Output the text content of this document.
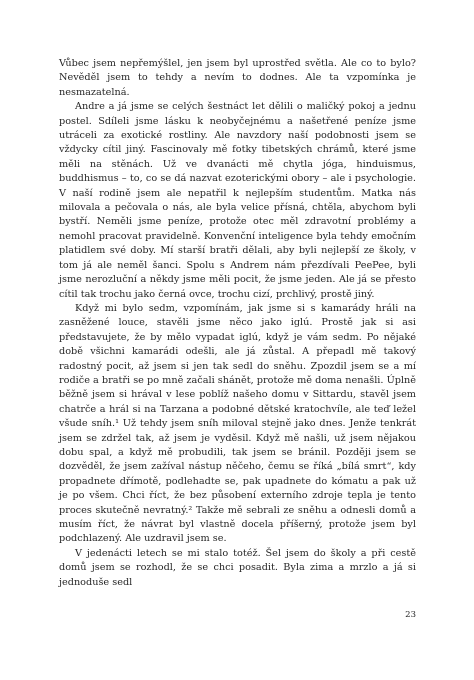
Vůbec jsem nepřemýšlel, jen jsem byl uprostřed světla. Ale co to bylo? Nevěděl jsem to tehdy a nevím to dodnes. Ale ta vzpomínka je nesmazatelná.

Andre a já jsme se celých šestnáct let dělili o maličký pokoj a jednu postel. Sdíleli jsme lásku k neobyčejnému a našetřené peníze jsme utráceli za exotické rostliny. Ale navzdory naší podobnosti jsem se vždycky cítil jiný. Fascinovaly mě fotky tibetských chrámů, které jsme měli na stěnách. Už ve dvanácti mě chytla jóga, hinduismus, buddhismus – to, co se dá nazvat ezoterickými obory – ale i psychologie. V naší rodině jsem ale nepatřil k nejlepším studentům. Matka nás milovala a pečovala o nás, ale byla velice přísná, chtěla, abychom byli bystří. Neměli jsme peníze, protože otec měl zdravotní problémy a nemohl pracovat pravidelně. Konvenční inteligence byla tehdy emočním platidlem své doby. Mí starší bratři dělali, aby byli nejlepší ze školy, v tom já ale neměl šanci. Spolu s Andrem nám přezdívali PeePee, byli jsme nerozluční a někdy jsme měli pocit, že jsme jeden. Ale já se přesto cítil tak trochu jako černá ovce, trochu cizí, prchlivý, prostě jiný.

Když mi bylo sedm, vzpomínám, jak jsme si s kamarády hráli na zasněžené louce, stavěli jsme něco jako iglú. Prostě jak si asi představujete, že by mělo vypadat iglú, když je vám sedm. Po nějaké době všichni kamarádi odešli, ale já zůstal. A přepadl mě takový radostný pocit, až jsem si jen tak sedl do sněhu. Zpozdil jsem se a mí rodiče a bratři se po mně začali shánět, protože mě doma nenašli. Úplně běžně jsem si hrával v lese poblíž našeho domu v Sittardu, stavěl jsem chatrče a hrál si na Tarzana a podobné dětské kratochvíle, ale teď ležel všude sníh.¹ Už tehdy jsem sníh miloval stejně jako dnes. Jenže tenkrát jsem se zdržel tak, až jsem je vyděsil. Když mě našli, už jsem nějakou dobu spal, a když mě probudili, tak jsem se bránil. Později jsem se dozvěděl, že jsem zažíval nástup něčeho, čemu se říká „bílá smrt“, kdy propadnete dřímotě, podlehadte se, pak upadnete do kómatu a pak už je po všem. Chci říct, že bez působení externího zdroje tepla je tento proces skutečně nevratný.² Takže mě sebrali ze sněhu a odnesli domů a musím říct, že návrat byl vlastně docela příšerný, protože jsem byl podchlazený. Ale uzdravil jsem se.

V jedenácti letech se mi stalo totéž. Šel jsem do školy a při cestě domů jsem se rozhodl, že se chci posadit. Byla zima a mrzlo a já si jednoduše sedl

23
